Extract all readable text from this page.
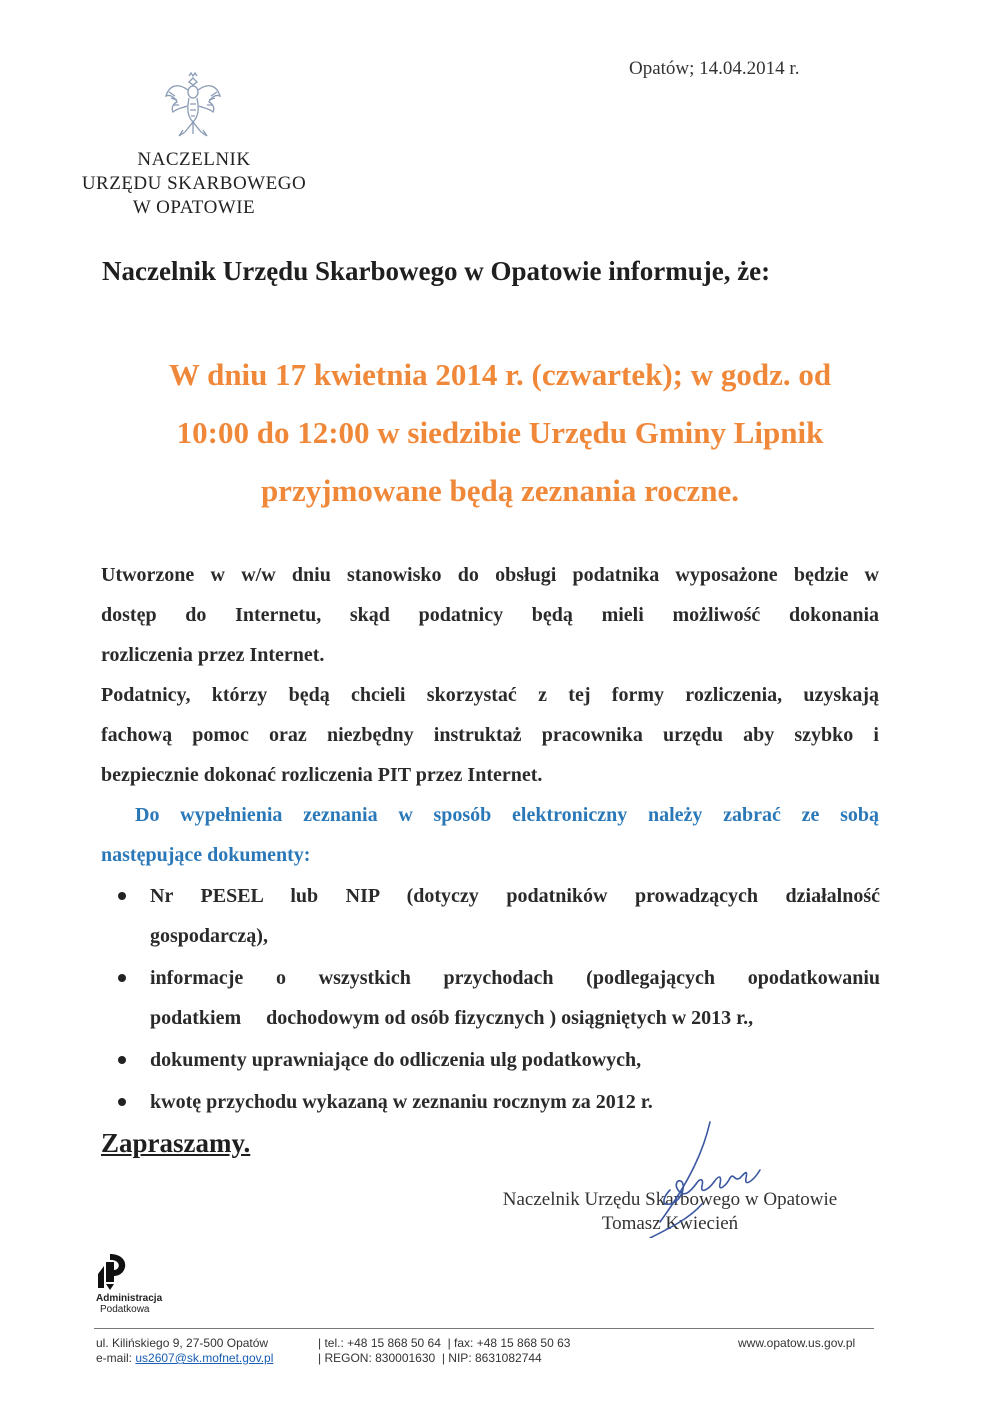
Opatów; 14.04.2014 r.
NACZELNIK
URZĘDU SKARBOWEGO
W OPATOWIE
Naczelnik Urzędu Skarbowego w Opatowie informuje, że:
W dniu 17 kwietnia 2014 r. (czwartek); w godz. od
10:00 do 12:00 w siedzibie Urzędu Gminy Lipnik
przyjmowane będą zeznania roczne.
Utworzone w w/w dniu stanowisko do obsługi podatnika wyposażone będzie w
dostęp do Internetu, skąd podatnicy będą mieli możliwość dokonania
rozliczenia przez Internet.
Podatnicy, którzy będą chcieli skorzystać z tej formy rozliczenia, uzyskają
fachową pomoc oraz niezbędny instruktaż pracownika urzędu aby szybko i
bezpiecznie dokonać rozliczenia PIT przez Internet.
Do wypełnienia zeznania w sposób elektroniczny należy zabrać ze sobą
następujące dokumenty:
Nr PESEL lub NIP (dotyczy podatników prowadzących działalność
gospodarczą),
informacje o wszystkich przychodach (podlegających opodatkowaniu
podatkiem     dochodowym od osób fizycznych ) osiągniętych w 2013 r.,
dokumenty uprawniające do odliczenia ulg podatkowych,
kwotę przychodu wykazaną w zeznaniu rocznym za 2012 r.
Zapraszamy.
Naczelnik Urzędu Skarbowego w Opatowie
Tomasz Kwiecień
Administracja
Podatkowa
ul. Kilińskiego 9, 27-500 Opatów
e-mail: us2607@sk.mofnet.gov.pl
| tel.: +48 15 868 50 64 | fax: +48 15 868 50 63
| REGON: 830001630 | NIP: 8631082744
www.opatow.us.gov.pl
